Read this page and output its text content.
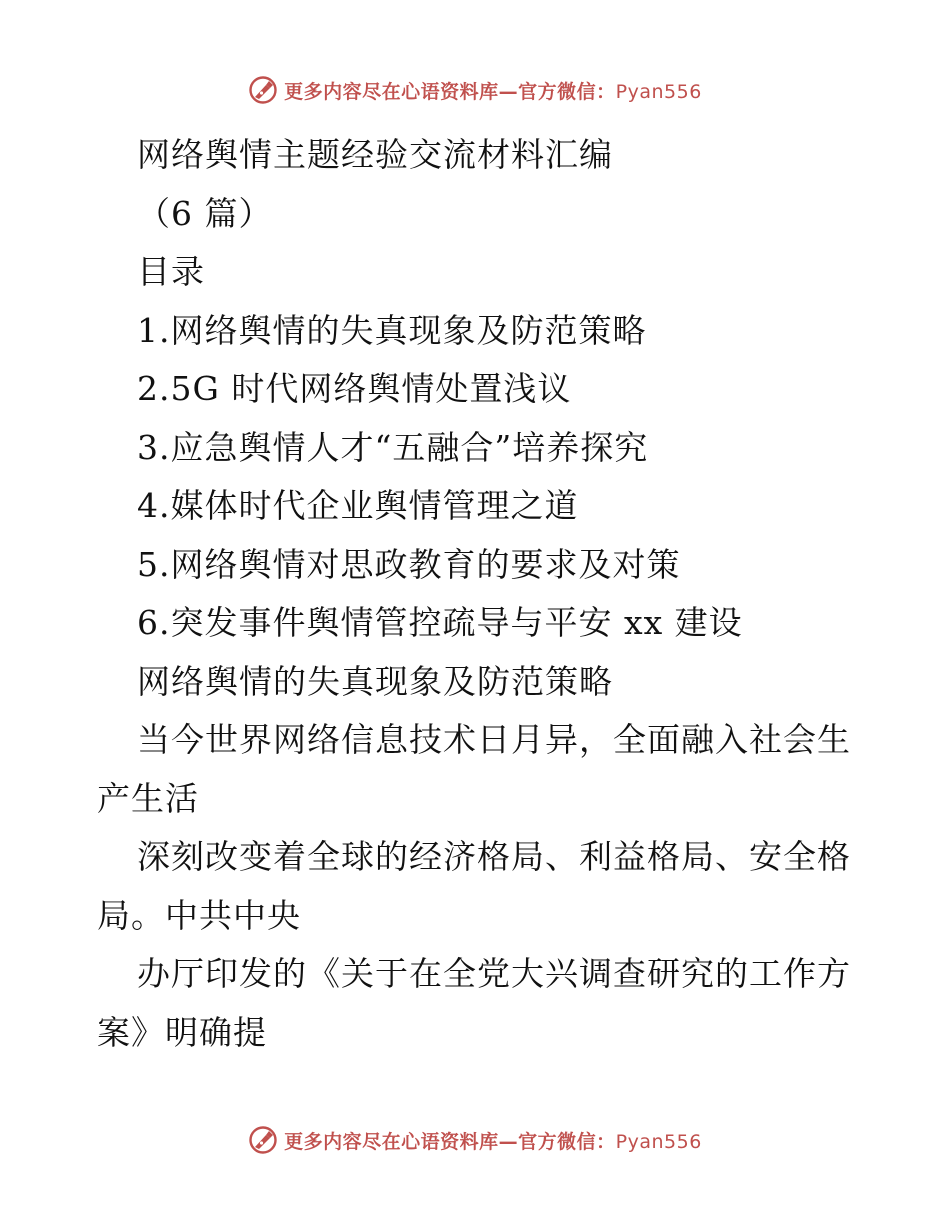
更多内容尽在心语资料库—官方微信：Pyan556
网络舆情主题经验交流材料汇编
（6 篇）
目录
1.网络舆情的失真现象及防范策略
2.5G 时代网络舆情处置浅议
3.应急舆情人才“五融合”培养探究
4.媒体时代企业舆情管理之道
5.网络舆情对思政教育的要求及对策
6.突发事件舆情管控疏导与平安 xx 建设
网络舆情的失真现象及防范策略
当今世界网络信息技术日月异，全面融入社会生
产生活
深刻改变着全球的经济格局、利益格局、安全格
局。中共中央
办厅印发的《关于在全党大兴调查研究的工作方
案》明确提
更多内容尽在心语资料库—官方微信：Pyan556
